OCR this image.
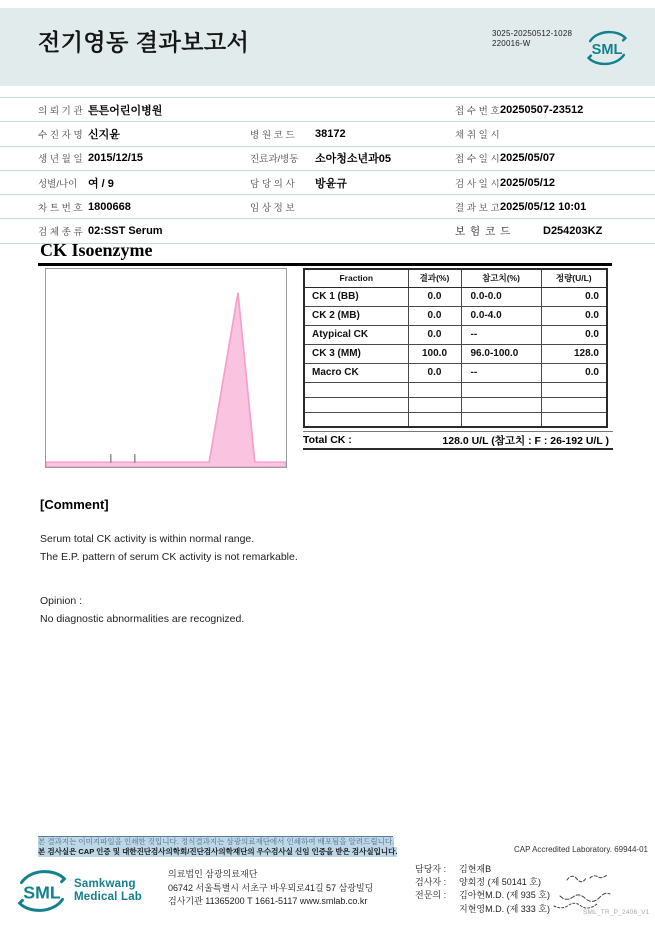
전기영동 결과보고서	3025-20250512-1028
220016-W	SML
의 뢰 기 관 튼튼어린이병원	접 수 번 호 20250507-23512
수 진 자 명 신지윤	병 원 코 드 38172	채 취 일 시
생 년 월 일 2015/12/15	진료과/병동 소아청소년과05	접 수 일 시 2025/05/07
성별/나이 여 / 9	담 당 의 사 방윤규	검 사 일 시 2025/05/12
차 트 번 호 1800668	임 상 정 보	결 과 보 고 2025/05/12 10:01
검 체 종 류 02:SST Serum	보 험 코 드	D254203KZ
CK Isoenzyme
Fraction	결과(%)	참고치(%)	정량(U/L)
CK 1 (BB)	0.0	0.0-0.0	0.0
CK 2 (MB)	0.0	0.0-4.0	0.0
Atypical CK	0.0	--	0.0
CK 3 (MM)	100.0	96.0-100.0	128.0
Macro CK	0.0	--	0.0

Total CK :	128.0 U/L (참고치 : F : 26-192 U/L )
[Comment]
Serum total CK activity is within normal range.
The E.P. pattern of serum CK activity is not remarkable.
Opinion :
No diagnostic abnormalities are recognized.
본 결과지는 이미지파일을 인쇄한 것입니다. 정식결과지는 삼광의료재단에서 인쇄하여 배포됨을 알려드립니다.
본 검사실은 CAP 인증 및 대한진단검사의학회/진단검사의학재단의 우수검사실 신임 인증을 받은 검사실입니다.	CAP Accredited Laboratory. 69944-01
SML Samkwang
Medical Lab
의료법인 삼광의료재단
06742 서울특별시 서초구 바우뫼로41길 57 삼광빌딩
검사기관 11365200 T 1661-5117 www.smlab.co.kr
담당자 : 김현재B
검사자 : 양회정 (제 50141 호)
전문의 : 김아현M.D. (제 935 호)
지현영M.D. (제 333 호)	SML_TR_P_2406_V1
